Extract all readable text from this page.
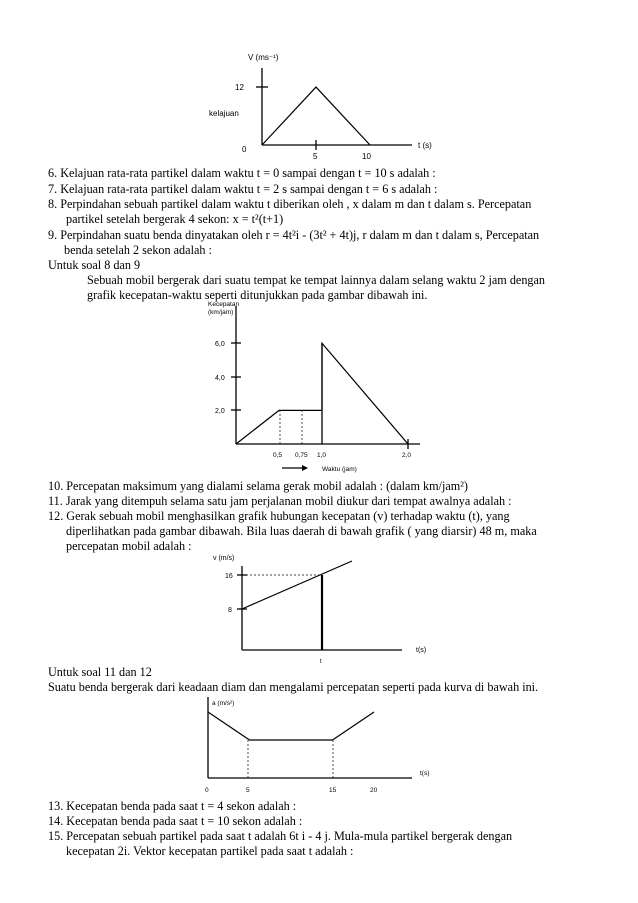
V (ms⁻¹)
12
kelajuan
0
5	10
t (s)
6. Kelajuan rata-rata partikel dalam waktu t = 0 sampai dengan t = 10 s adalah :
7. Kelajuan rata-rata partikel dalam waktu t = 2 s sampai dengan t = 6 s adalah :
8. Perpindahan sebuah partikel dalam waktu t diberikan oleh , x dalam m dan t dalam s. Percepatan
partikel setelah bergerak 4 sekon: x = t²(t+1)
9. Perpindahan suatu benda dinyatakan oleh r = 4t²i - (3t² + 4t)j, r dalam m dan t dalam s, Percepatan
benda setelah 2 sekon adalah :
Untuk soal 8 dan 9
Sebuah mobil bergerak dari suatu tempat ke tempat lainnya dalam selang waktu 2 jam dengan
grafik kecepatan-waktu seperti ditunjukkan pada gambar dibawah ini.
Kecepatan
(km/jam)
6,0
4,0
2,0
0,5 0,75 1,0	2,0
Waktu (jam)
10. Percepatan maksimum yang dialami selama gerak mobil adalah : (dalam km/jam²)
11. Jarak yang ditempuh selama satu jam perjalanan mobil diukur dari tempat awalnya adalah :
12. Gerak sebuah mobil menghasilkan grafik hubungan kecepatan (v) terhadap waktu (t), yang
diperlihatkan pada gambar dibawah. Bila luas daerah di bawah grafik ( yang diarsir) 48 m, maka
percepatan mobil adalah :
v (m/s)
16
8
t
t(s)
Untuk soal 11 dan 12
Suatu benda bergerak dari keadaan diam dan mengalami percepatan seperti pada kurva di bawah ini.
a (m/s²)
0	5	15	20
t(s)
13. Kecepatan benda pada saat t = 4 sekon adalah :
14. Kecepatan benda pada saat t = 10 sekon adalah :
15. Percepatan sebuah partikel pada saat t adalah 6t i - 4 j. Mula-mula partikel bergerak dengan
kecepatan 2i. Vektor kecepatan partikel pada saat t adalah :
